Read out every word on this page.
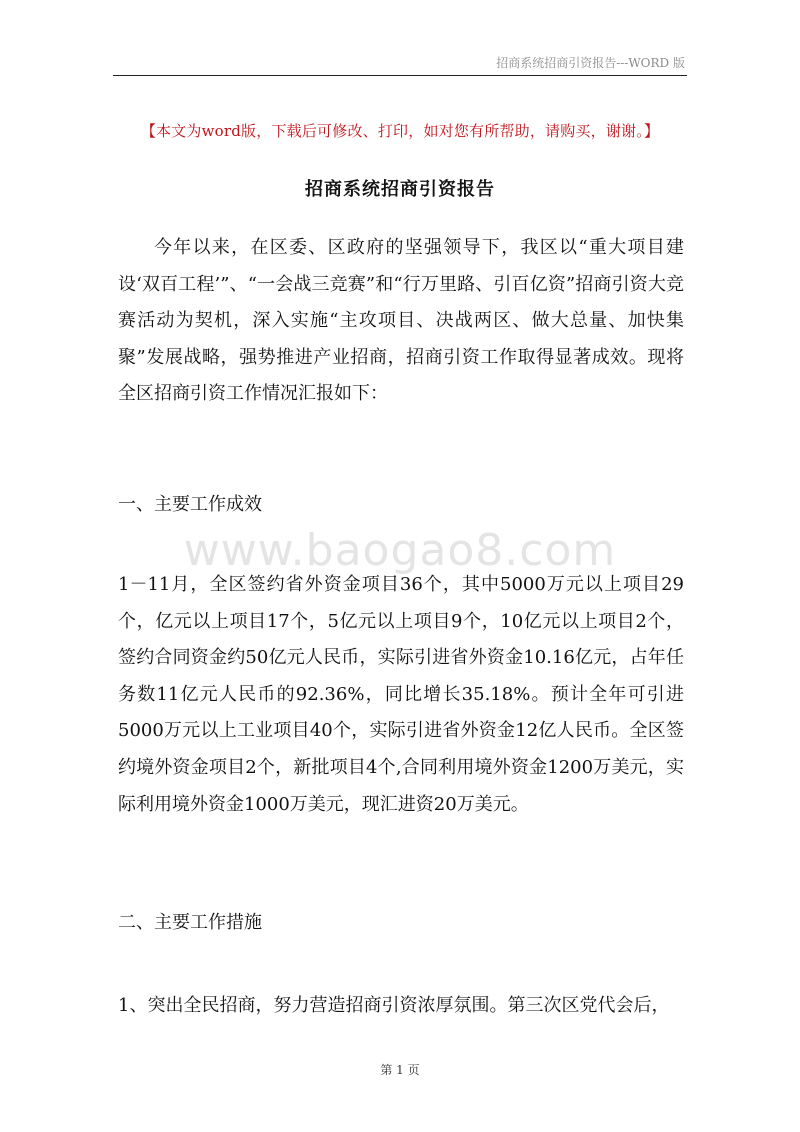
招商系统招商引资报告---WORD 版
【本文为word版，下载后可修改、打印，如对您有所帮助，请购买，谢谢。】
招商系统招商引资报告

今年以来，在区委、区政府的坚强领导下，我区以“重大项目建设‘双百工程’”、“一会战三竞赛”和“行万里路、引百亿资”招商引资大竞赛活动为契机，深入实施“主攻项目、决战两区、做大总量、加快集聚”发展战略，强势推进产业招商，招商引资工作取得显著成效。现将全区招商引资工作情况汇报如下：

一、主要工作成效

www.baogao8.com

1－11月，全区签约省外资金项目36个，其中5000万元以上项目29个，亿元以上项目17个，5亿元以上项目9个，10亿元以上项目2个，签约合同资金约50亿元人民币，实际引进省外资金10.16亿元，占年任务数11亿元人民币的92.36%，同比增长35.18%。预计全年可引进5000万元以上工业项目40个，实际引进省外资金12亿人民币。全区签约境外资金项目2个，新批项目4个,合同利用境外资金1200万美元，实际利用境外资金1000万美元，现汇进资20万美元。

二、主要工作措施

1、突出全民招商，努力营造招商引资浓厚氛围。第三次区党代会后，

第 1 页
